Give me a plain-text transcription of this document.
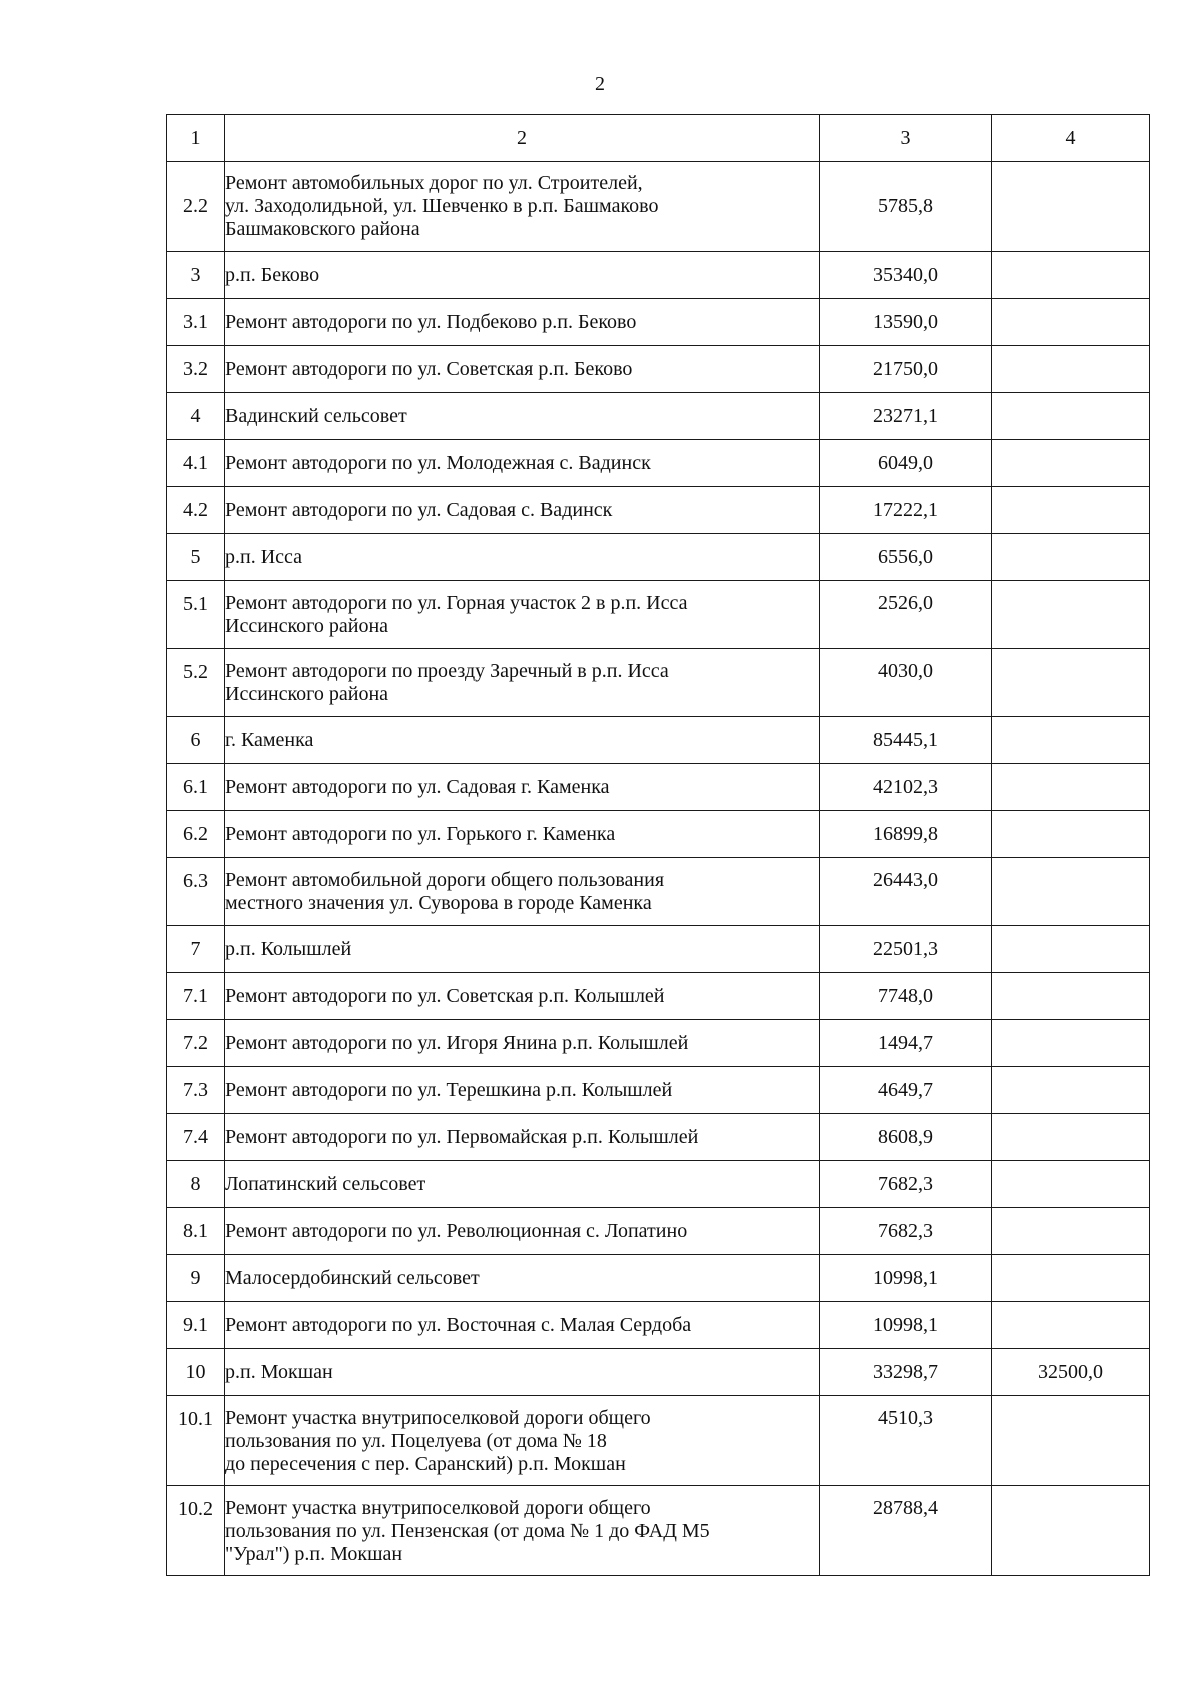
2
1	2	3	4
2.2	Ремонт автомобильных дорог по ул. Строителей,
ул. Заходолидьной, ул. Шевченко в р.п. Башмаково
Башмаковского района	5785,8	
3	р.п. Беково	35340,0	
3.1	Ремонт автодороги по ул. Подбеково р.п. Беково	13590,0	
3.2	Ремонт автодороги по ул. Советская р.п. Беково	21750,0	
4	Вадинский сельсовет	23271,1	
4.1	Ремонт автодороги по ул. Молодежная с. Вадинск	6049,0	
4.2	Ремонт автодороги по ул. Садовая с. Вадинск	17222,1	
5	р.п. Исса	6556,0	
5.1	Ремонт автодороги по ул. Горная участок 2 в р.п. Исса
Иссинского района	2526,0	
5.2	Ремонт автодороги по проезду Заречный в р.п. Исса
Иссинского района	4030,0	
6	г. Каменка	85445,1	
6.1	Ремонт автодороги по ул. Садовая г. Каменка	42102,3	
6.2	Ремонт автодороги по ул. Горького г. Каменка	16899,8	
6.3	Ремонт автомобильной дороги общего пользования
местного значения ул. Суворова в городе Каменка	26443,0	
7	р.п. Колышлей	22501,3	
7.1	Ремонт автодороги по ул. Советская р.п. Колышлей	7748,0	
7.2	Ремонт автодороги по ул. Игоря Янина р.п. Колышлей	1494,7	
7.3	Ремонт автодороги по ул. Терешкина р.п. Колышлей	4649,7	
7.4	Ремонт автодороги по ул. Первомайская р.п. Колышлей	8608,9	
8	Лопатинский сельсовет	7682,3	
8.1	Ремонт автодороги по ул. Революционная с. Лопатино	7682,3	
9	Малосердобинский сельсовет	10998,1	
9.1	Ремонт автодороги по ул. Восточная с. Малая Сердоба	10998,1	
10	р.п. Мокшан	33298,7	32500,0
10.1	Ремонт участка внутрипоселковой дороги общего
пользования по ул. Поцелуева (от дома № 18
до пересечения с пер. Саранский) р.п. Мокшан	4510,3	
10.2	Ремонт участка внутрипоселковой дороги общего
пользования по ул. Пензенская (от дома № 1 до ФАД М5
"Урал") р.п. Мокшан	28788,4	
